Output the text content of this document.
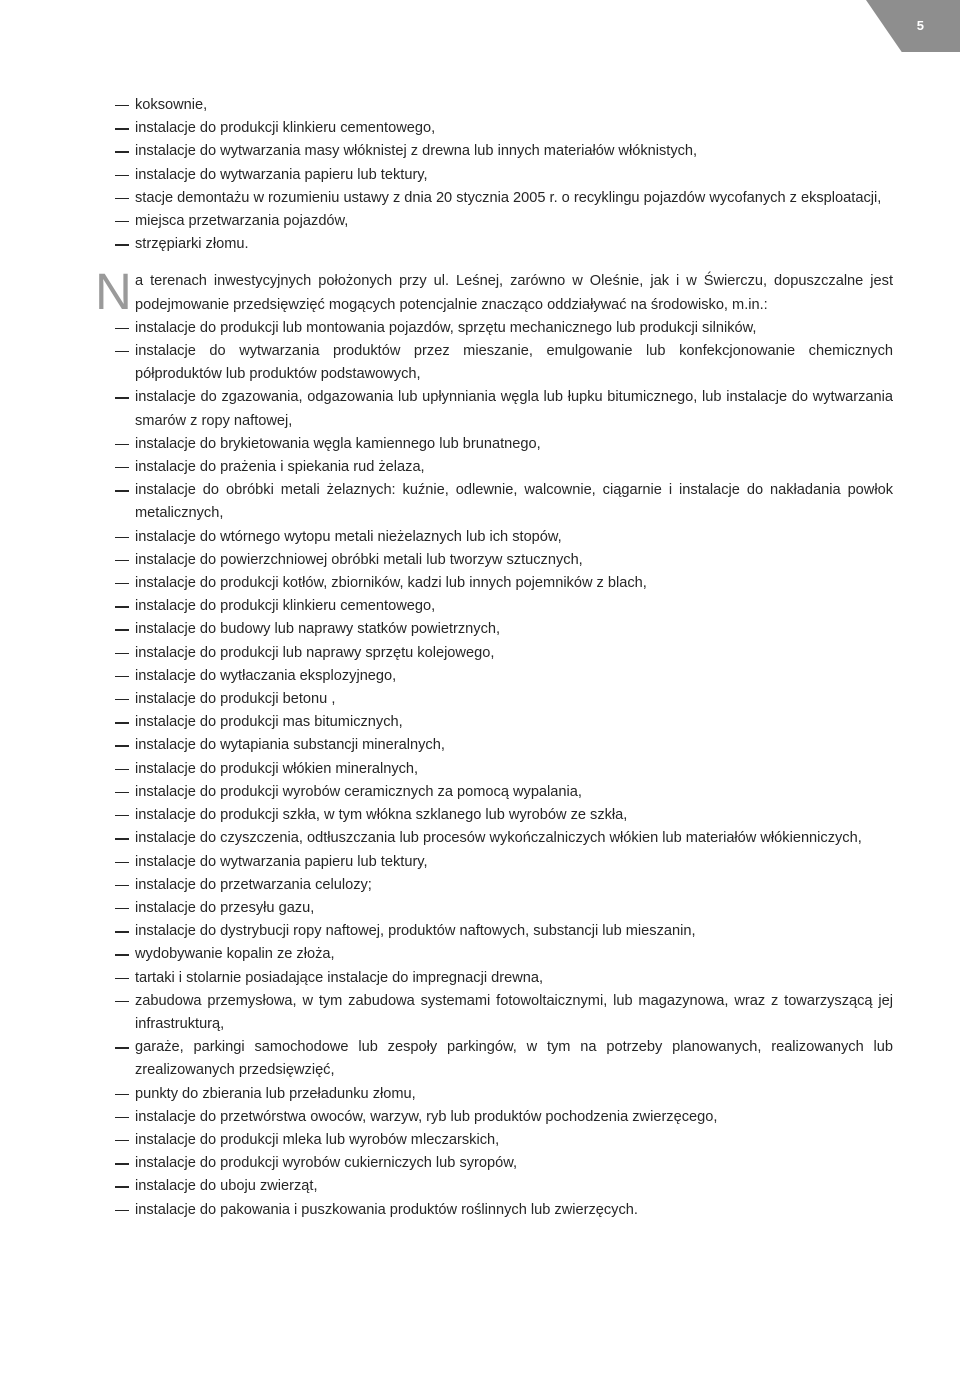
5
koksownie,
instalacje do produkcji klinkieru cementowego,
instalacje do wytwarzania masy włóknistej z drewna lub innych materiałów włóknistych,
instalacje do wytwarzania papieru lub tektury,
stacje demontażu w rozumieniu ustawy z dnia 20 stycznia 2005 r. o recyklingu pojazdów wycofanych z eksploatacji,
miejsca przetwarzania pojazdów,
strzępiarki złomu.

N a terenach inwestycyjnych położonych przy ul. Leśnej, zarówno w Oleśnie, jak i w Świerczu, dopuszczalne jest podejmowanie przedsięwzięć mogących potencjalnie znacząco oddziaływać na środowisko, m.in.:

instalacje do produkcji lub montowania pojazdów, sprzętu mechanicznego lub produkcji silników,
instalacje do wytwarzania produktów przez mieszanie, emulgowanie lub konfekcjonowanie chemicznych półproduktów lub produktów podstawowych,
instalacje do zgazowania, odgazowania lub upłynniania węgla lub łupku bitumicznego, lub instalacje do wytwarzania smarów z ropy naftowej,
instalacje do brykietowania węgla kamiennego lub brunatnego,
instalacje do prażenia i spiekania rud żelaza,
instalacje do obróbki metali żelaznych: kuźnie, odlewnie, walcownie, ciągarnie i instalacje do nakładania powłok metalicznych,
instalacje do wtórnego wytopu metali nieżelaznych lub ich stopów,
instalacje do powierzchniowej obróbki metali lub tworzyw sztucznych,
instalacje do produkcji kotłów, zbiorników, kadzi lub innych pojemników z blach,
instalacje do produkcji klinkieru cementowego,
instalacje do budowy lub naprawy statków powietrznych,
instalacje do produkcji lub naprawy sprzętu kolejowego,
instalacje do wytłaczania eksplozyjnego,
instalacje do produkcji betonu ,
instalacje do produkcji mas bitumicznych,
instalacje do wytapiania substancji mineralnych,
instalacje do produkcji włókien mineralnych,
instalacje do produkcji wyrobów ceramicznych za pomocą wypalania,
instalacje do produkcji szkła, w tym włókna szklanego lub wyrobów ze szkła,
instalacje do czyszczenia, odtłuszczania lub procesów wykończalniczych włókien lub materiałów włókienniczych,
instalacje do wytwarzania papieru lub tektury,
instalacje do przetwarzania celulozy;
instalacje do przesyłu gazu,
instalacje do dystrybucji ropy naftowej, produktów naftowych, substancji lub mieszanin,
wydobywanie kopalin ze złoża,
tartaki i stolarnie posiadające instalacje do impregnacji drewna,
zabudowa przemysłowa, w tym zabudowa systemami fotowoltaicznymi, lub magazynowa, wraz z towarzyszącą jej infrastrukturą,
garaże, parkingi samochodowe lub zespoły parkingów, w tym na potrzeby planowanych, realizowanych lub zrealizowanych przedsięwzięć,
punkty do zbierania lub przeładunku złomu,
instalacje do przetwórstwa owoców, warzyw, ryb lub produktów pochodzenia zwierzęcego,
instalacje do produkcji mleka lub wyrobów mleczarskich,
instalacje do produkcji wyrobów cukierniczych lub syropów,
instalacje do uboju zwierząt,
instalacje do pakowania i puszkowania produktów roślinnych lub zwierzęcych.
